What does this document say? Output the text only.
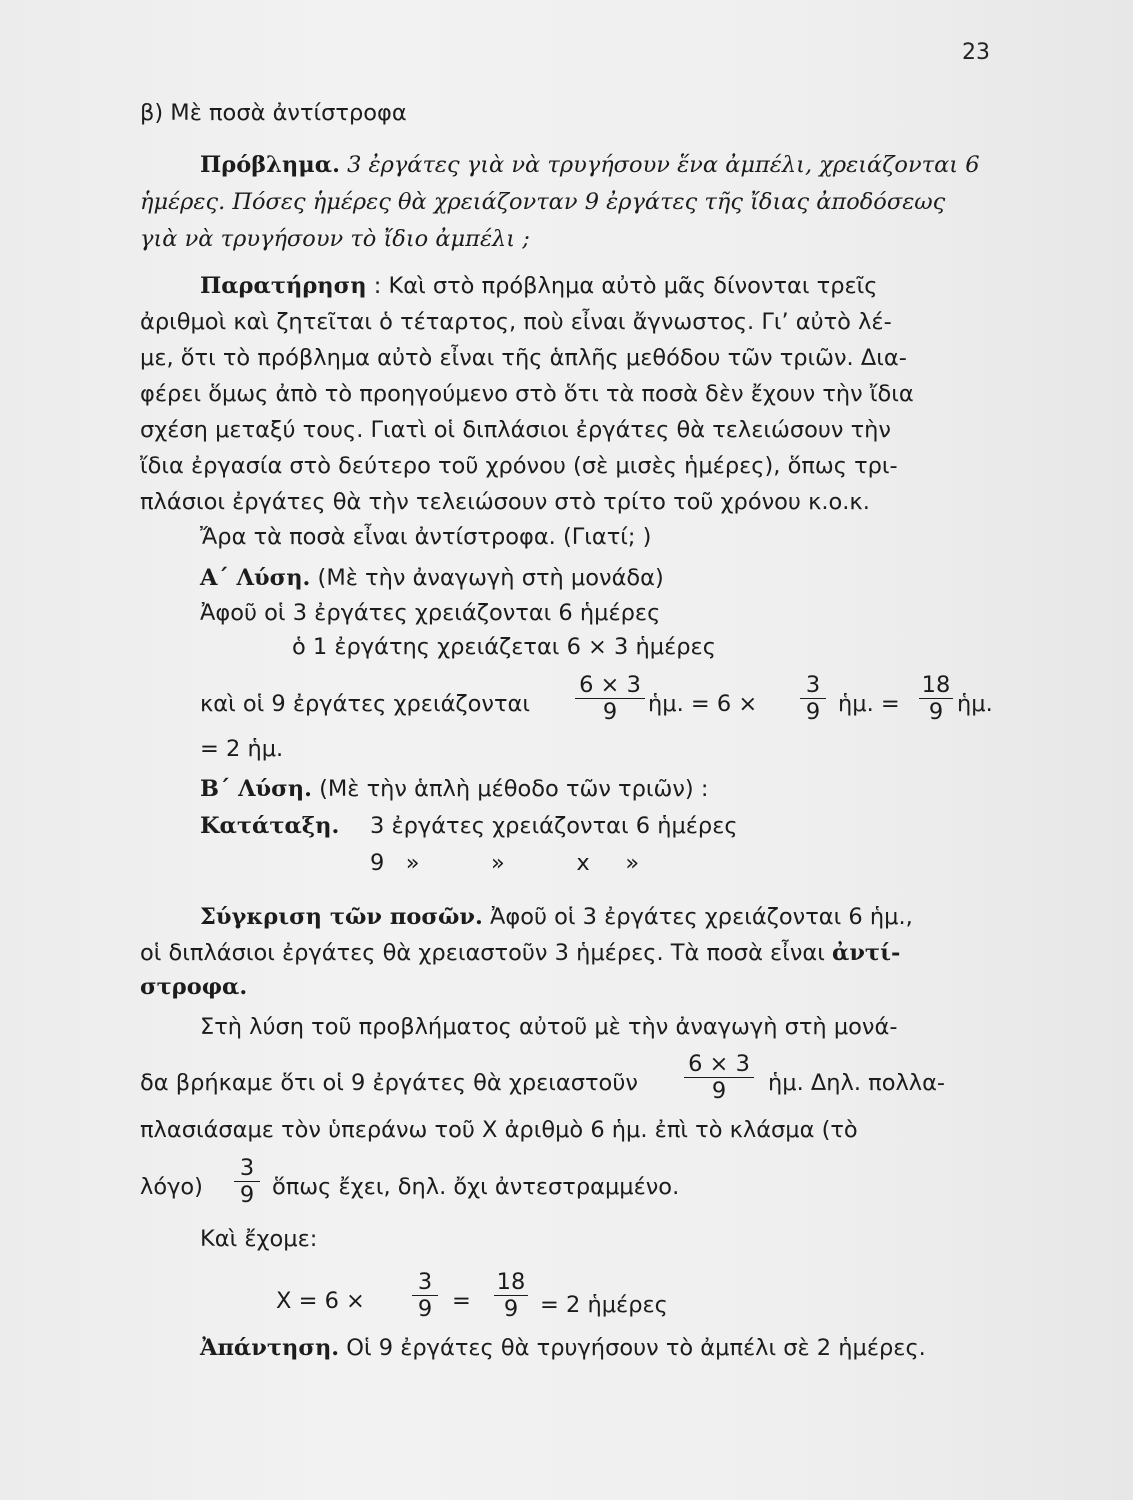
23
β) Μὲ ποσὰ ἀντίστροφα
Πρόβλημα. 3 ἐργάτες γιὰ νὰ τρυγήσουν ἕνα ἀμπέλι, χρειάζονται 6
ἡμέρες. Πόσες ἡμέρες θὰ χρειάζονταν 9 ἐργάτες τῆς ἴδιας ἀποδόσεως
γιὰ νὰ τρυγήσουν τὸ ἴδιο ἀμπέλι ;
Παρατήρηση : Καὶ στὸ πρόβλημα αὐτὸ μᾶς δίνονται τρεῖς
ἀριθμοὶ καὶ ζητεῖται ὁ τέταρτος, ποὺ εἶναι ἄγνωστος. Γι’ αὐτὸ λέ-
με, ὅτι τὸ πρόβλημα αὐτὸ εἶναι τῆς ἁπλῆς μεθόδου τῶν τριῶν. Δια-
φέρει ὅμως ἀπὸ τὸ προηγούμενο στὸ ὅτι τὰ ποσὰ δὲν ἔχουν τὴν ἴδια
σχέση μεταξύ τους. Γιατὶ οἱ διπλάσιοι ἐργάτες θὰ τελειώσουν τὴν
ἴδια ἐργασία στὸ δεύτερο τοῦ χρόνου (σὲ μισὲς ἡμέρες), ὅπως τρι-
πλάσιοι ἐργάτες θὰ τὴν τελειώσουν στὸ τρίτο τοῦ χρόνου κ.ο.κ.
Ἄρα τὰ ποσὰ εἶναι ἀντίστροφα. (Γιατί; )
Α΄ Λύση. (Μὲ τὴν ἀναγωγὴ στὴ μονάδα)
Ἀφοῦ οἱ 3 ἐργάτες χρειάζονται 6 ἡμέρες
ὁ 1 ἐργάτης χρειάζεται 6 × 3 ἡμέρες
καὶ οἱ 9 ἐργάτες χρειάζονται
6 × 3
9	ἡμ. = 6 ×
3
9 ἡμ. =
18
9 ἡμ.
= 2 ἡμ.
Β΄ Λύση. (Μὲ τὴν ἁπλὴ μέθοδο τῶν τριῶν) :
Κατάταξη. 3 ἐργάτες χρειάζονται 6 ἡμέρες
9   »          »          x     »
Σύγκριση τῶν ποσῶν. Ἀφοῦ οἱ 3 ἐργάτες χρειάζονται 6 ἡμ.,
οἱ διπλάσιοι ἐργάτες θὰ χρειαστοῦν 3 ἡμέρες. Τὰ ποσὰ εἶναι ἀντί-
στροφα.
Στὴ λύση τοῦ προβλήματος αὐτοῦ μὲ τὴν ἀναγωγὴ στὴ μονά-
δα βρήκαμε ὅτι οἱ 9 ἐργάτες θὰ χρειαστοῦν
6 × 3
9	ἡμ. Δηλ. πολλα-
πλασιάσαμε τὸν ὑπεράνω τοῦ X ἀριθμὸ 6 ἡμ. ἐπὶ τὸ κλάσμα (τὸ
λόγο)
3
9 ὅπως ἔχει, δηλ. ὄχι ἀντεστραμμένο.
Καὶ ἔχομε:
X = 6 ×
3
9 =
18
9 = 2 ἡμέρες
Ἀπάντηση. Οἱ 9 ἐργάτες θὰ τρυγήσουν τὸ ἀμπέλι σὲ 2 ἡμέρες.
